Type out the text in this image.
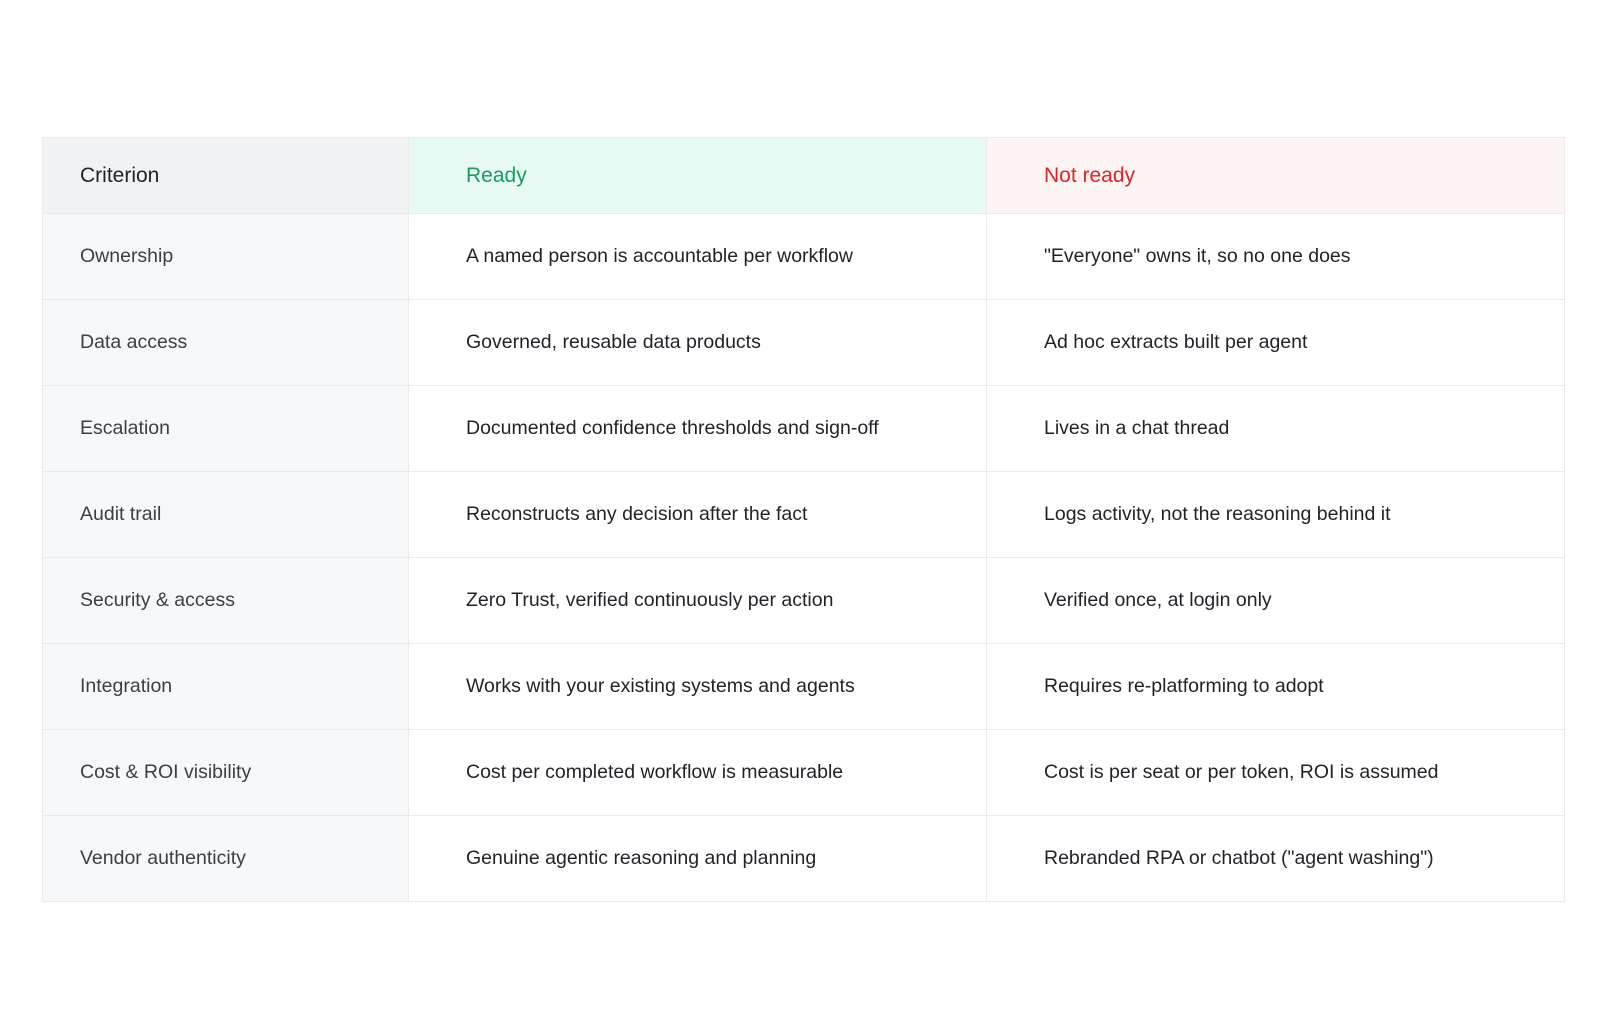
Criterion	Ready	Not ready
Ownership	A named person is accountable per workflow	"Everyone" owns it, so no one does
Data access	Governed, reusable data products	Ad hoc extracts built per agent
Escalation	Documented confidence thresholds and sign-off	Lives in a chat thread
Audit trail	Reconstructs any decision after the fact	Logs activity, not the reasoning behind it
Security & access	Zero Trust, verified continuously per action	Verified once, at login only
Integration	Works with your existing systems and agents	Requires re-platforming to adopt
Cost & ROI visibility	Cost per completed workflow is measurable	Cost is per seat or per token, ROI is assumed
Vendor authenticity	Genuine agentic reasoning and planning	Rebranded RPA or chatbot ("agent washing")
